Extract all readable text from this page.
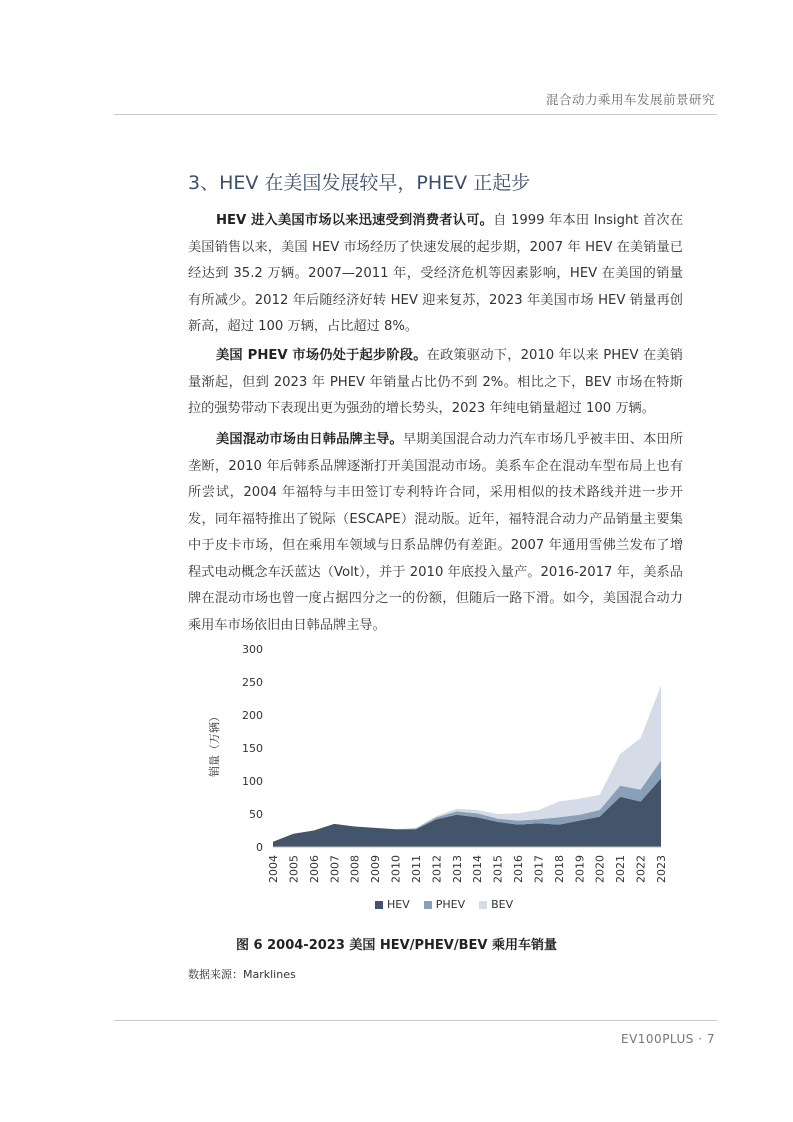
混合动力乘用车发展前景研究
3、HEV 在美国发展较早，PHEV 正起步

HEV 进入美国市场以来迅速受到消费者认可。自 1999 年本田 Insight 首次在美国销售以来，美国 HEV 市场经历了快速发展的起步期，2007 年 HEV 在美销量已经达到 35.2 万辆。2007—2011 年，受经济危机等因素影响，HEV 在美国的销量有所减少。2012 年后随经济好转 HEV 迎来复苏，2023 年美国市场 HEV 销量再创新高，超过 100 万辆，占比超过 8%。

美国 PHEV 市场仍处于起步阶段。在政策驱动下，2010 年以来 PHEV 在美销量渐起，但到 2023 年 PHEV 年销量占比仍不到 2%。相比之下，BEV 市场在特斯拉的强势带动下表现出更为强劲的增长势头，2023 年纯电销量超过 100 万辆。

美国混动市场由日韩品牌主导。早期美国混合动力汽车市场几乎被丰田、本田所垄断，2010 年后韩系品牌逐渐打开美国混动市场。美系车企在混动车型布局上也有所尝试，2004 年福特与丰田签订专利特许合同，采用相似的技术路线并进一步开发，同年福特推出了锐际（ESCAPE）混动版。近年，福特混合动力产品销量主要集中于皮卡市场，但在乘用车领域与日系品牌仍有差距。2007 年通用雪佛兰发布了增程式电动概念车沃蓝达（Volt），并于 2010 年底投入量产。2016-2017 年，美系品牌在混动市场也曾一度占据四分之一的份额，但随后一路下滑。如今，美国混合动力乘用车市场依旧由日韩品牌主导。

0
50
100
150
200
250
300
2004 2005 2006 2007 2008 2009 2010 2011 2012 2013 2014 2015 2016 2017 2018 2019 2020 2021 2022 2023
销量（万辆）
HEV PHEV BEV
图 6 2004-2023 美国 HEV/PHEV/BEV 乘用车销量
数据来源：Marklines
EV100PLUS · 7
